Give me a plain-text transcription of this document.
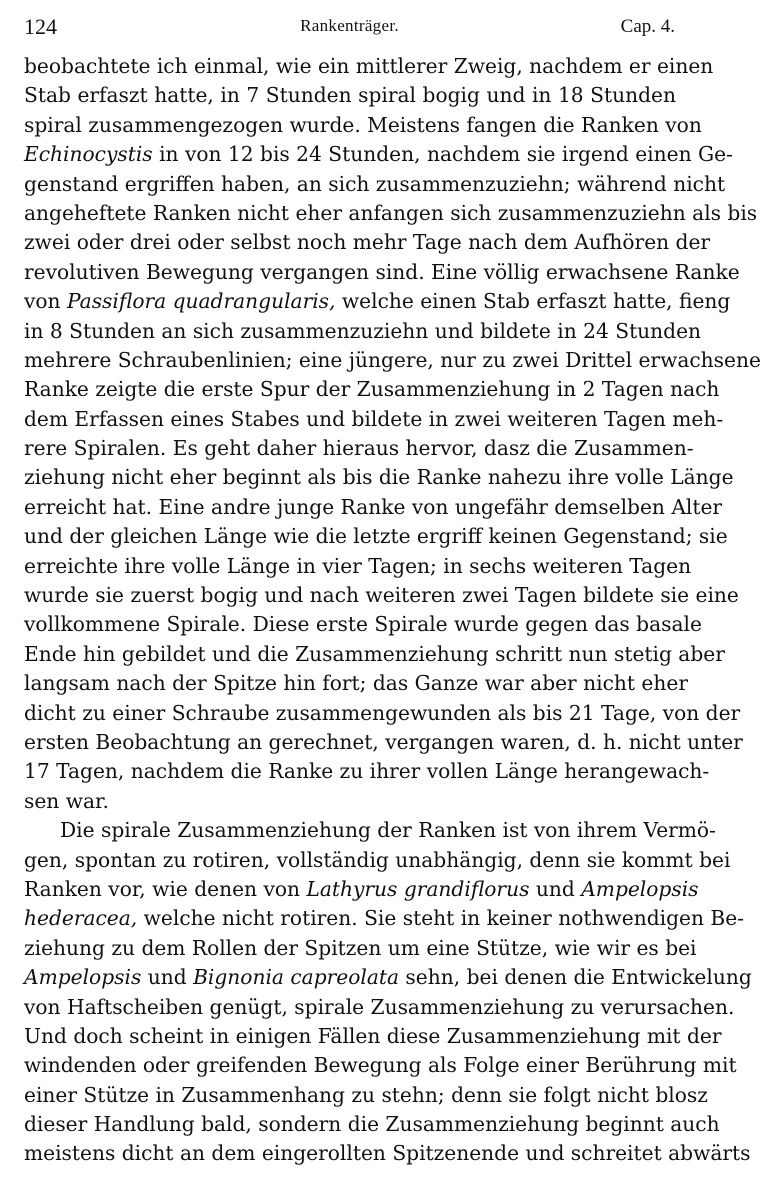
124	Rankenträger.	Cap. 4.
beobachtete ich einmal, wie ein mittlerer Zweig, nachdem er einen
Stab erfaszt hatte, in 7 Stunden spiral bogig und in 18 Stunden
spiral zusammengezogen wurde. Meistens fangen die Ranken von
Echinocystis in von 12 bis 24 Stunden, nachdem sie irgend einen Ge-
genstand ergriffen haben, an sich zusammenzuziehn; während nicht
angeheftete Ranken nicht eher anfangen sich zusammenzuziehn als bis
zwei oder drei oder selbst noch mehr Tage nach dem Aufhören der
revolutiven Bewegung vergangen sind. Eine völlig erwachsene Ranke
von Passiflora quadrangularis, welche einen Stab erfaszt hatte, fieng
in 8 Stunden an sich zusammenzuziehn und bildete in 24 Stunden
mehrere Schraubenlinien; eine jüngere, nur zu zwei Drittel erwachsene
Ranke zeigte die erste Spur der Zusammenziehung in 2 Tagen nach
dem Erfassen eines Stabes und bildete in zwei weiteren Tagen meh-
rere Spiralen. Es geht daher hieraus hervor, dasz die Zusammen-
ziehung nicht eher beginnt als bis die Ranke nahezu ihre volle Länge
erreicht hat. Eine andre junge Ranke von ungefähr demselben Alter
und der gleichen Länge wie die letzte ergriff keinen Gegenstand; sie
erreichte ihre volle Länge in vier Tagen; in sechs weiteren Tagen
wurde sie zuerst bogig und nach weiteren zwei Tagen bildete sie eine
vollkommene Spirale. Diese erste Spirale wurde gegen das basale
Ende hin gebildet und die Zusammenziehung schritt nun stetig aber
langsam nach der Spitze hin fort; das Ganze war aber nicht eher
dicht zu einer Schraube zusammengewunden als bis 21 Tage, von der
ersten Beobachtung an gerechnet, vergangen waren, d. h. nicht unter
17 Tagen, nachdem die Ranke zu ihrer vollen Länge herangewach-
sen war.
Die spirale Zusammenziehung der Ranken ist von ihrem Vermö-
gen, spontan zu rotiren, vollständig unabhängig, denn sie kommt bei
Ranken vor, wie denen von Lathyrus grandiflorus und Ampelopsis
hederacea, welche nicht rotiren. Sie steht in keiner nothwendigen Be-
ziehung zu dem Rollen der Spitzen um eine Stütze, wie wir es bei
Ampelopsis und Bignonia capreolata sehn, bei denen die Entwickelung
von Haftscheiben genügt, spirale Zusammenziehung zu verursachen.
Und doch scheint in einigen Fällen diese Zusammenziehung mit der
windenden oder greifenden Bewegung als Folge einer Berührung mit
einer Stütze in Zusammenhang zu stehn; denn sie folgt nicht blosz
dieser Handlung bald, sondern die Zusammenziehung beginnt auch
meistens dicht an dem eingerollten Spitzenende und schreitet abwärts
